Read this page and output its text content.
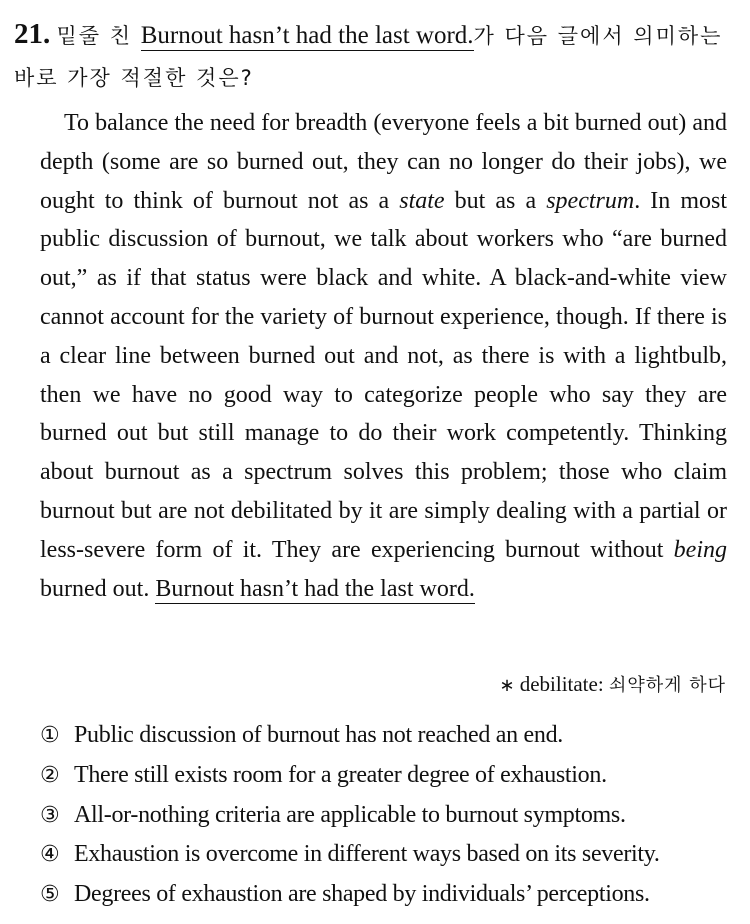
21. 밑줄 친 Burnout hasn’t had the last word.가 다음 글에서 의미하는 바로 가장 적절한 것은?

To balance the need for breadth (everyone feels a bit burned out) and depth (some are so burned out, they can no longer do their jobs), we ought to think of burnout not as a state but as a spectrum. In most public discussion of burnout, we talk about workers who “are burned out,” as if that status were black and white. A black-and-white view cannot account for the variety of burnout experience, though. If there is a clear line between burned out and not, as there is with a lightbulb, then we have no good way to categorize people who say they are burned out but still manage to do their work competently. Thinking about burnout as a spectrum solves this problem; those who claim burnout but are not debilitated by it are simply dealing with a partial or less-severe form of it. They are experiencing burnout without being burned out. Burnout hasn’t had the last word.

∗ debilitate: 쇠약하게 하다
① Public discussion of burnout has not reached an end.
② There still exists room for a greater degree of exhaustion.
③ All-or-nothing criteria are applicable to burnout symptoms.
④ Exhaustion is overcome in different ways based on its severity.
⑤ Degrees of exhaustion are shaped by individuals’ perceptions.
